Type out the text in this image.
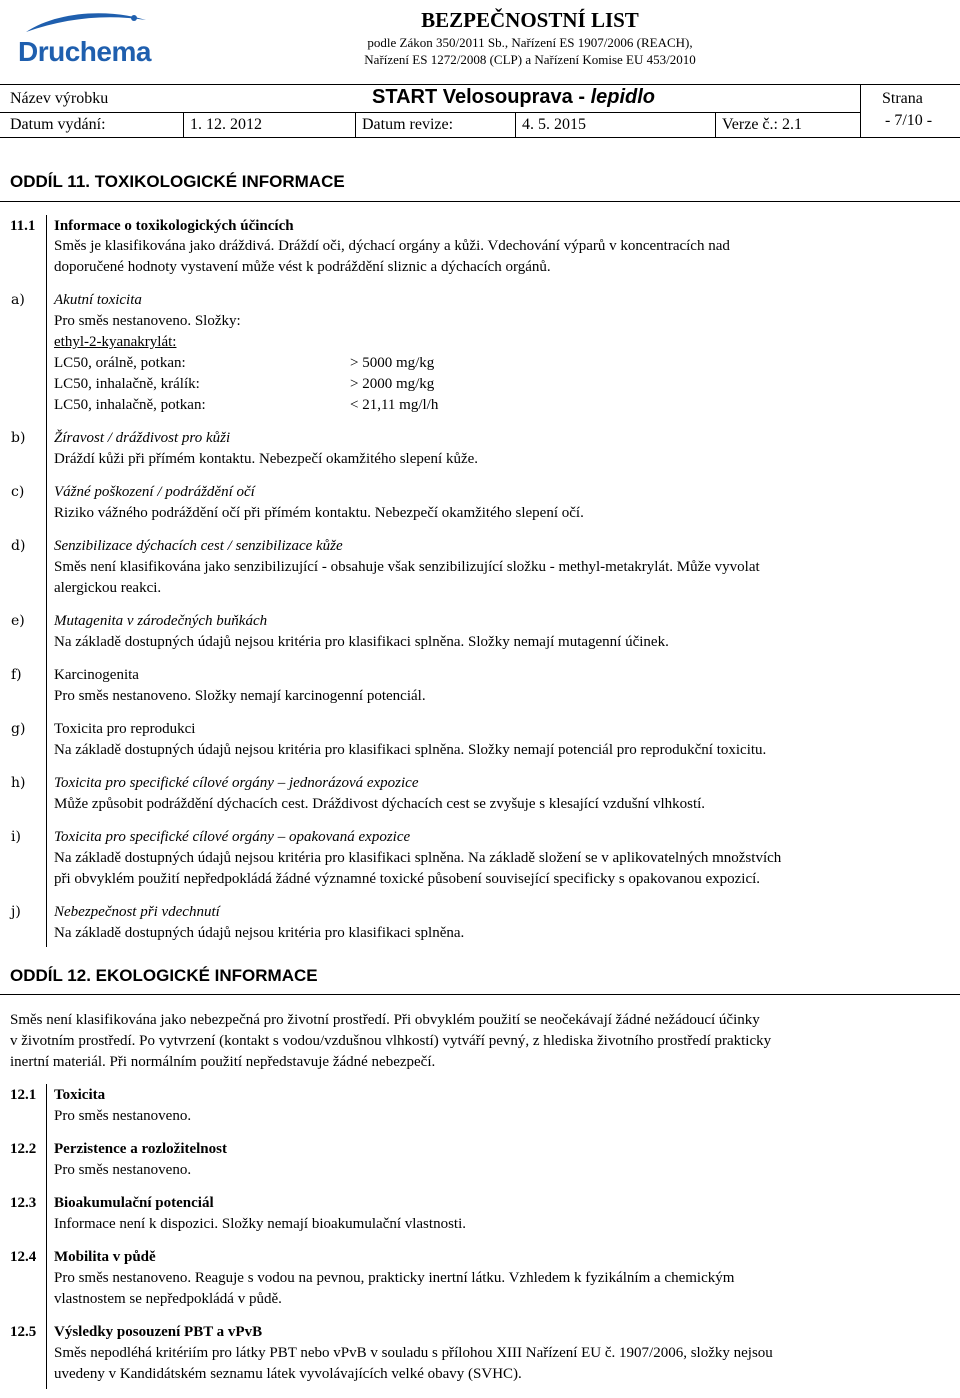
Druchema
BEZPEČNOSTNÍ LIST
podle Zákon 350/2011 Sb., Nařízení ES 1907/2006 (REACH),
Nařízení ES 1272/2008 (CLP) a Nařízení Komise EU 453/2010
Název výrobku	START Velosouprava - lepidlo
Datum vydání:	1. 12. 2012	Datum revize:	4. 5. 2015	Verze č.: 2.1
Strana
- 7/10 -
ODDÍL 11. TOXIKOLOGICKÉ INFORMACE
11.1 Informace o toxikologických účincích
Směs je klasifikována jako dráždivá. Dráždí oči, dýchací orgány a kůži. Vdechování výparů v koncentracích nad
doporučené hodnoty vystavení může vést k podráždění sliznic a dýchacích orgánů.
a) Akutní toxicita
Pro směs nestanoveno. Složky:
ethyl-2-kyanakrylát:
LC50, orálně, potkan:	> 5000 mg/kg
LC50, inhalačně, králík:	> 2000 mg/kg
LC50, inhalačně, potkan:	< 21,11 mg/l/h
b) Žíravost / dráždivost pro kůži
Dráždí kůži při přímém kontaktu. Nebezpečí okamžitého slepení kůže.
c) Vážné poškození / podráždění očí
Riziko vážného podráždění očí při přímém kontaktu. Nebezpečí okamžitého slepení očí.
d) Senzibilizace dýchacích cest / senzibilizace kůže
Směs není klasifikována jako senzibilizující - obsahuje však senzibilizující složku - methyl-metakrylát. Může vyvolat
alergickou reakci.
e) Mutagenita v zárodečných buňkách
Na základě dostupných údajů nejsou kritéria pro klasifikaci splněna. Složky nemají mutagenní účinek.
f) Karcinogenita
Pro směs nestanoveno. Složky nemají karcinogenní potenciál.
g) Toxicita pro reprodukci
Na základě dostupných údajů nejsou kritéria pro klasifikaci splněna. Složky nemají potenciál pro reprodukční toxicitu.
h) Toxicita pro specifické cílové orgány – jednorázová expozice
Může způsobit podráždění dýchacích cest. Dráždivost dýchacích cest se zvyšuje s klesající vzdušní vlhkostí.
i) Toxicita pro specifické cílové orgány – opakovaná expozice
Na základě dostupných údajů nejsou kritéria pro klasifikaci splněna. Na základě složení se v aplikovatelných množstvích
při obvyklém použití nepředpokládá žádné významné toxické působení související specificky s opakovanou expozicí.
j) Nebezpečnost při vdechnutí
Na základě dostupných údajů nejsou kritéria pro klasifikaci splněna.
ODDÍL 12. EKOLOGICKÉ INFORMACE
Směs není klasifikována jako nebezpečná pro životní prostředí. Při obvyklém použití se neočekávají žádné nežádoucí účinky
v životním prostředí. Po vytvrzení (kontakt s vodou/vzdušnou vlhkostí) vytváří pevný, z hlediska životního prostředí prakticky
inertní materiál. Při normálním použití nepředstavuje žádné nebezpečí.
12.1 Toxicita
Pro směs nestanoveno.
12.2 Perzistence a rozložitelnost
Pro směs nestanoveno.
12.3 Bioakumulační potenciál
Informace není k dispozici. Složky nemají bioakumulační vlastnosti.
12.4 Mobilita v půdě
Pro směs nestanoveno. Reaguje s vodou na pevnou, prakticky inertní látku. Vzhledem k fyzikálním a chemickým
vlastnostem se nepředpokládá v půdě.
12.5 Výsledky posouzení PBT a vPvB
Směs nepodléhá kritériím pro látky PBT nebo vPvB v souladu s přílohou XIII Nařízení EU č. 1907/2006, složky nejsou
uvedeny v Kandidátském seznamu látek vyvolávajících velké obavy (SVHC).
